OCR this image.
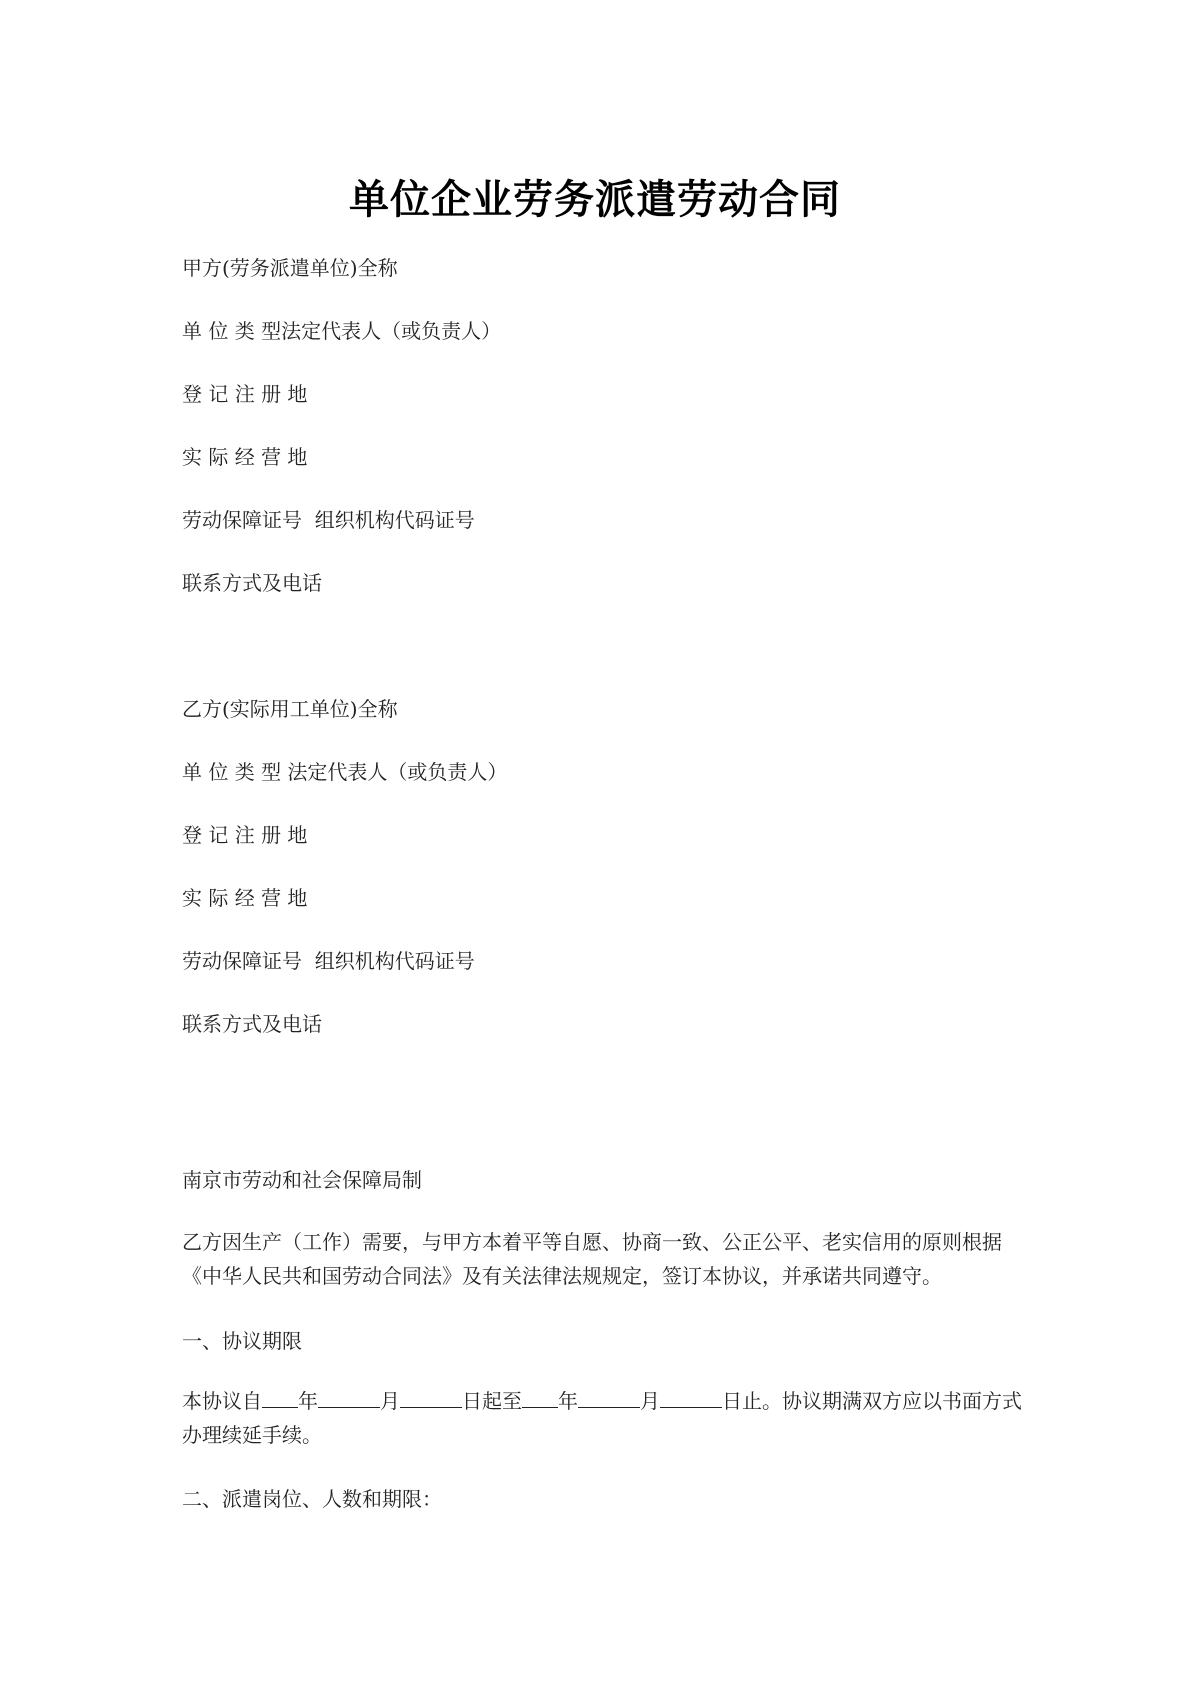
单位企业劳务派遣劳动合同
甲方(劳务派遣单位)全称
单 位 类 型法定代表人（或负责人）
登 记 注 册 地
实 际 经 营 地
劳动保障证号  组织机构代码证号
联系方式及电话
乙方(实际用工单位)全称
单 位 类 型 法定代表人（或负责人）
登 记 注 册 地
实 际 经 营 地
劳动保障证号  组织机构代码证号
联系方式及电话
南京市劳动和社会保障局制
乙方因生产（工作）需要，与甲方本着平等自愿、协商一致、公正公平、老实信用的原则根据《中华人民共和国劳动合同法》及有关法律法规规定，签订本协议，并承诺共同遵守。
一、协议期限
本协议自 年	月	日起至 年	月	日止。协议期满双方应以书面方式办理续延手续。
二、派遣岗位、人数和期限：
